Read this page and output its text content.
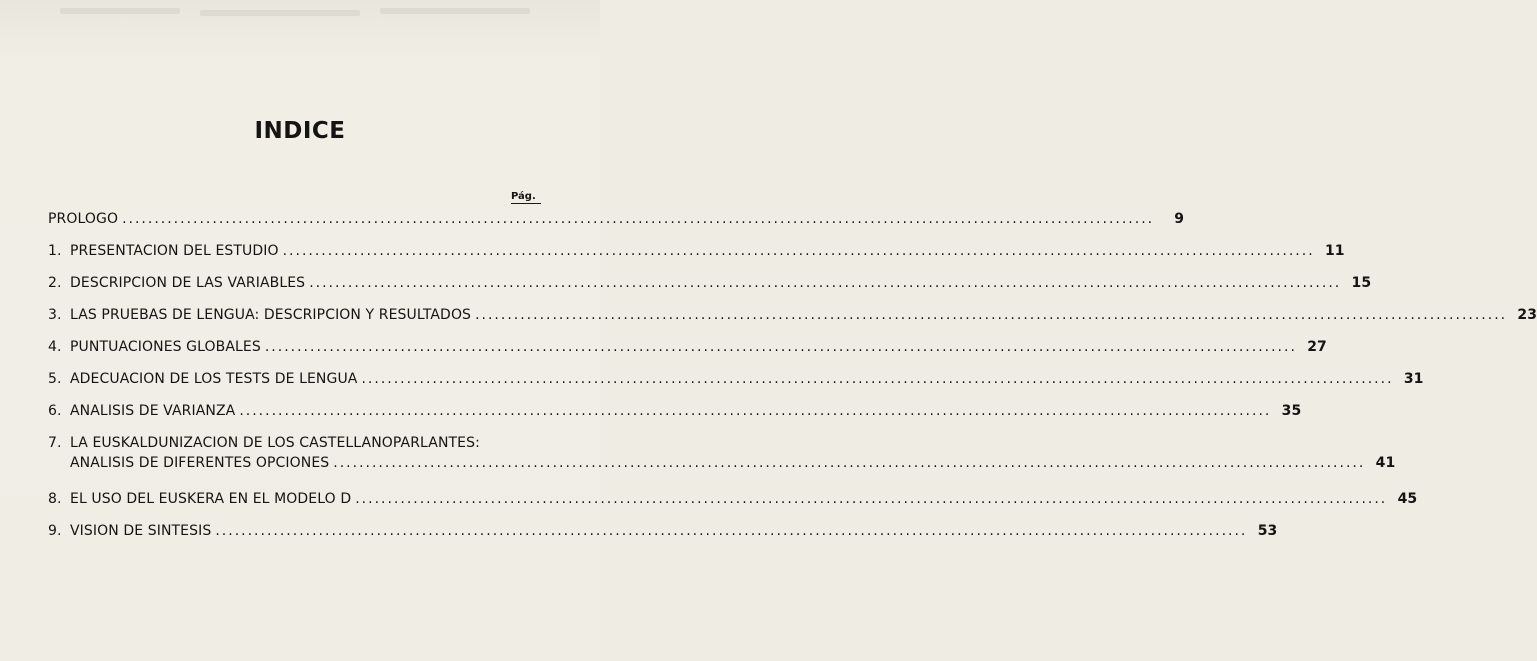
INDICE
Pág.
PROLOGO .....	9
1. PRESENTACION DEL ESTUDIO .....	11
2. DESCRIPCION DE LAS VARIABLES .....	15
3. LAS PRUEBAS DE LENGUA: DESCRIPCION Y RESULTADOS .....	23
4. PUNTUACIONES GLOBALES .....	27
5. ADECUACION DE LOS TESTS DE LENGUA .....	31
6. ANALISIS DE VARIANZA .....	35
7. LA EUSKALDUNIZACION DE LOS CASTELLANOPARLANTES:
ANALISIS DE DIFERENTES OPCIONES .....	41
8. EL USO DEL EUSKERA EN EL MODELO D .....	45
9. VISION DE SINTESIS .....	53
